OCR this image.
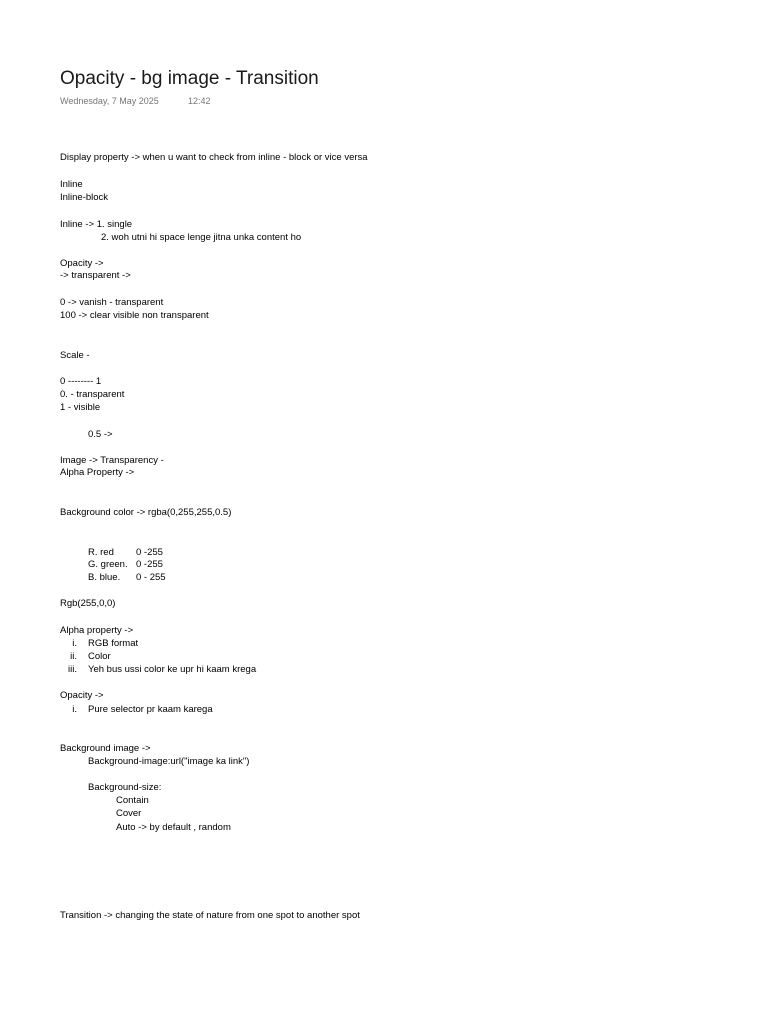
Opacity - bg image - Transition
Wednesday, 7 May 2025	12:42
Display property -> when u want to check from inline - block or vice versa
Inline
Inline-block
Inline -> 1. single
2. woh utni hi space lenge jitna unka content ho
Opacity ->
-> transparent ->
0 -> vanish - transparent
100 -> clear visible non transparent
Scale -
0 -------- 1
0. - transparent
1 - visible
0.5 ->
Image -> Transparency -
Alpha Property ->
Background color -> rgba(0,255,255,0.5)
R. red 0 -255
G. green. 0 -255
B. blue. 0 - 255
Rgb(255,0,0)
Alpha property ->
i. RGB format
ii. Color
iii. Yeh bus ussi color ke upr hi kaam krega
Opacity ->
i. Pure selector pr kaam karega
Background image ->
Background-image:url("image ka link")
Background-size:
Contain
Cover
Auto -> by default , random
Transition -> changing the state of nature from one spot to another spot
